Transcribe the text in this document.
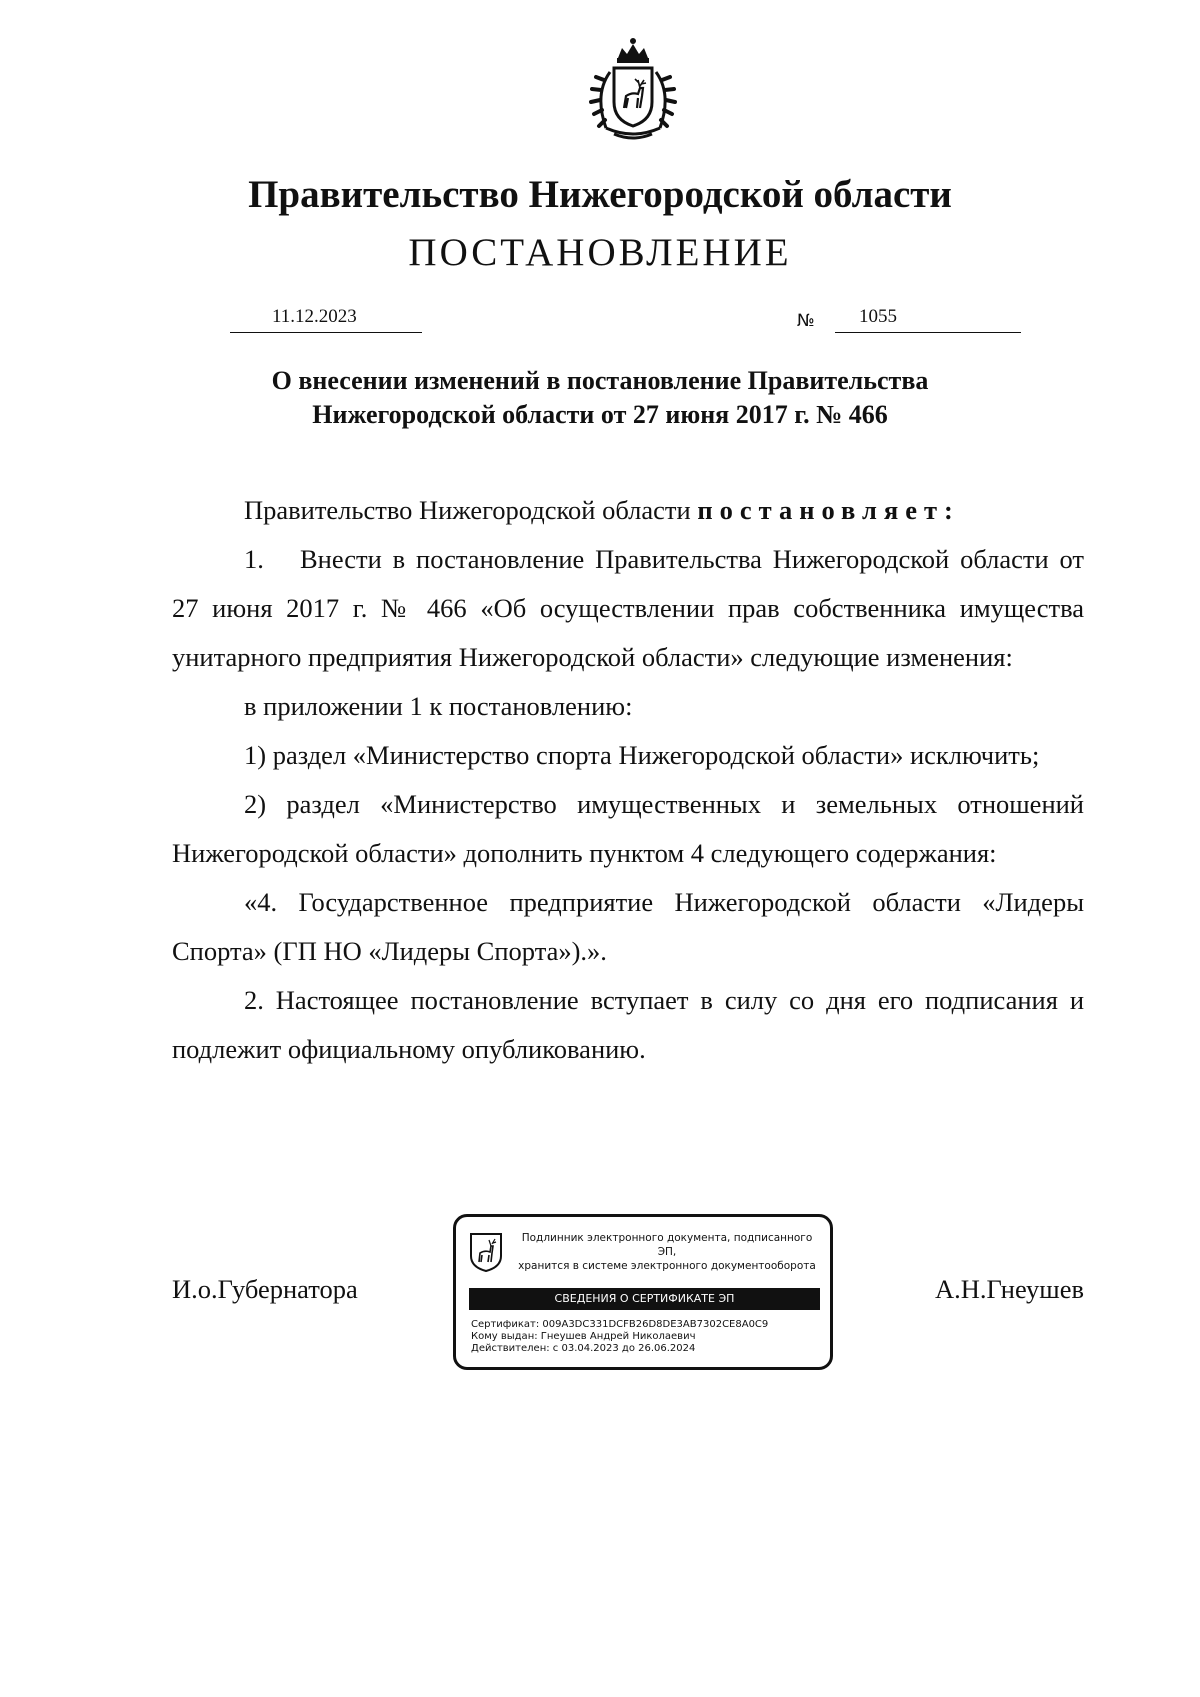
Правительство Нижегородской области
ПОСТАНОВЛЕНИЕ
11.12.2023	№ 1055
О внесении изменений в постановление Правительства
Нижегородской области от 27 июня 2017 г. № 466

Правительство Нижегородской области постановляет:

1. Внести в постановление Правительства Нижегородской области от 27 июня 2017 г. № 466 «Об осуществлении прав собственника имущества унитарного предприятия Нижегородской области» следующие изменения:

в приложении 1 к постановлению:

1) раздел «Министерство спорта Нижегородской области» исключить;

2) раздел «Министерство имущественных и земельных отношений Нижегородской области» дополнить пунктом 4 следующего содержания:

«4. Государственное предприятие Нижегородской области «Лидеры Спорта» (ГП НО «Лидеры Спорта»).».

2. Настоящее постановление вступает в силу со дня его подписания и подлежит официальному опубликованию.

И.о.Губернатора	А.Н.Гнеушев
Подлинник электронного документа, подписанного ЭП,
хранится в системе электронного документооборота
СВЕДЕНИЯ О СЕРТИФИКАТЕ ЭП
Сертификат: 009A3DC331DCFB26D8DE3AB7302CE8A0C9
Кому выдан: Гнеушев Андрей Николаевич
Действителен: с 03.04.2023 до 26.06.2024
